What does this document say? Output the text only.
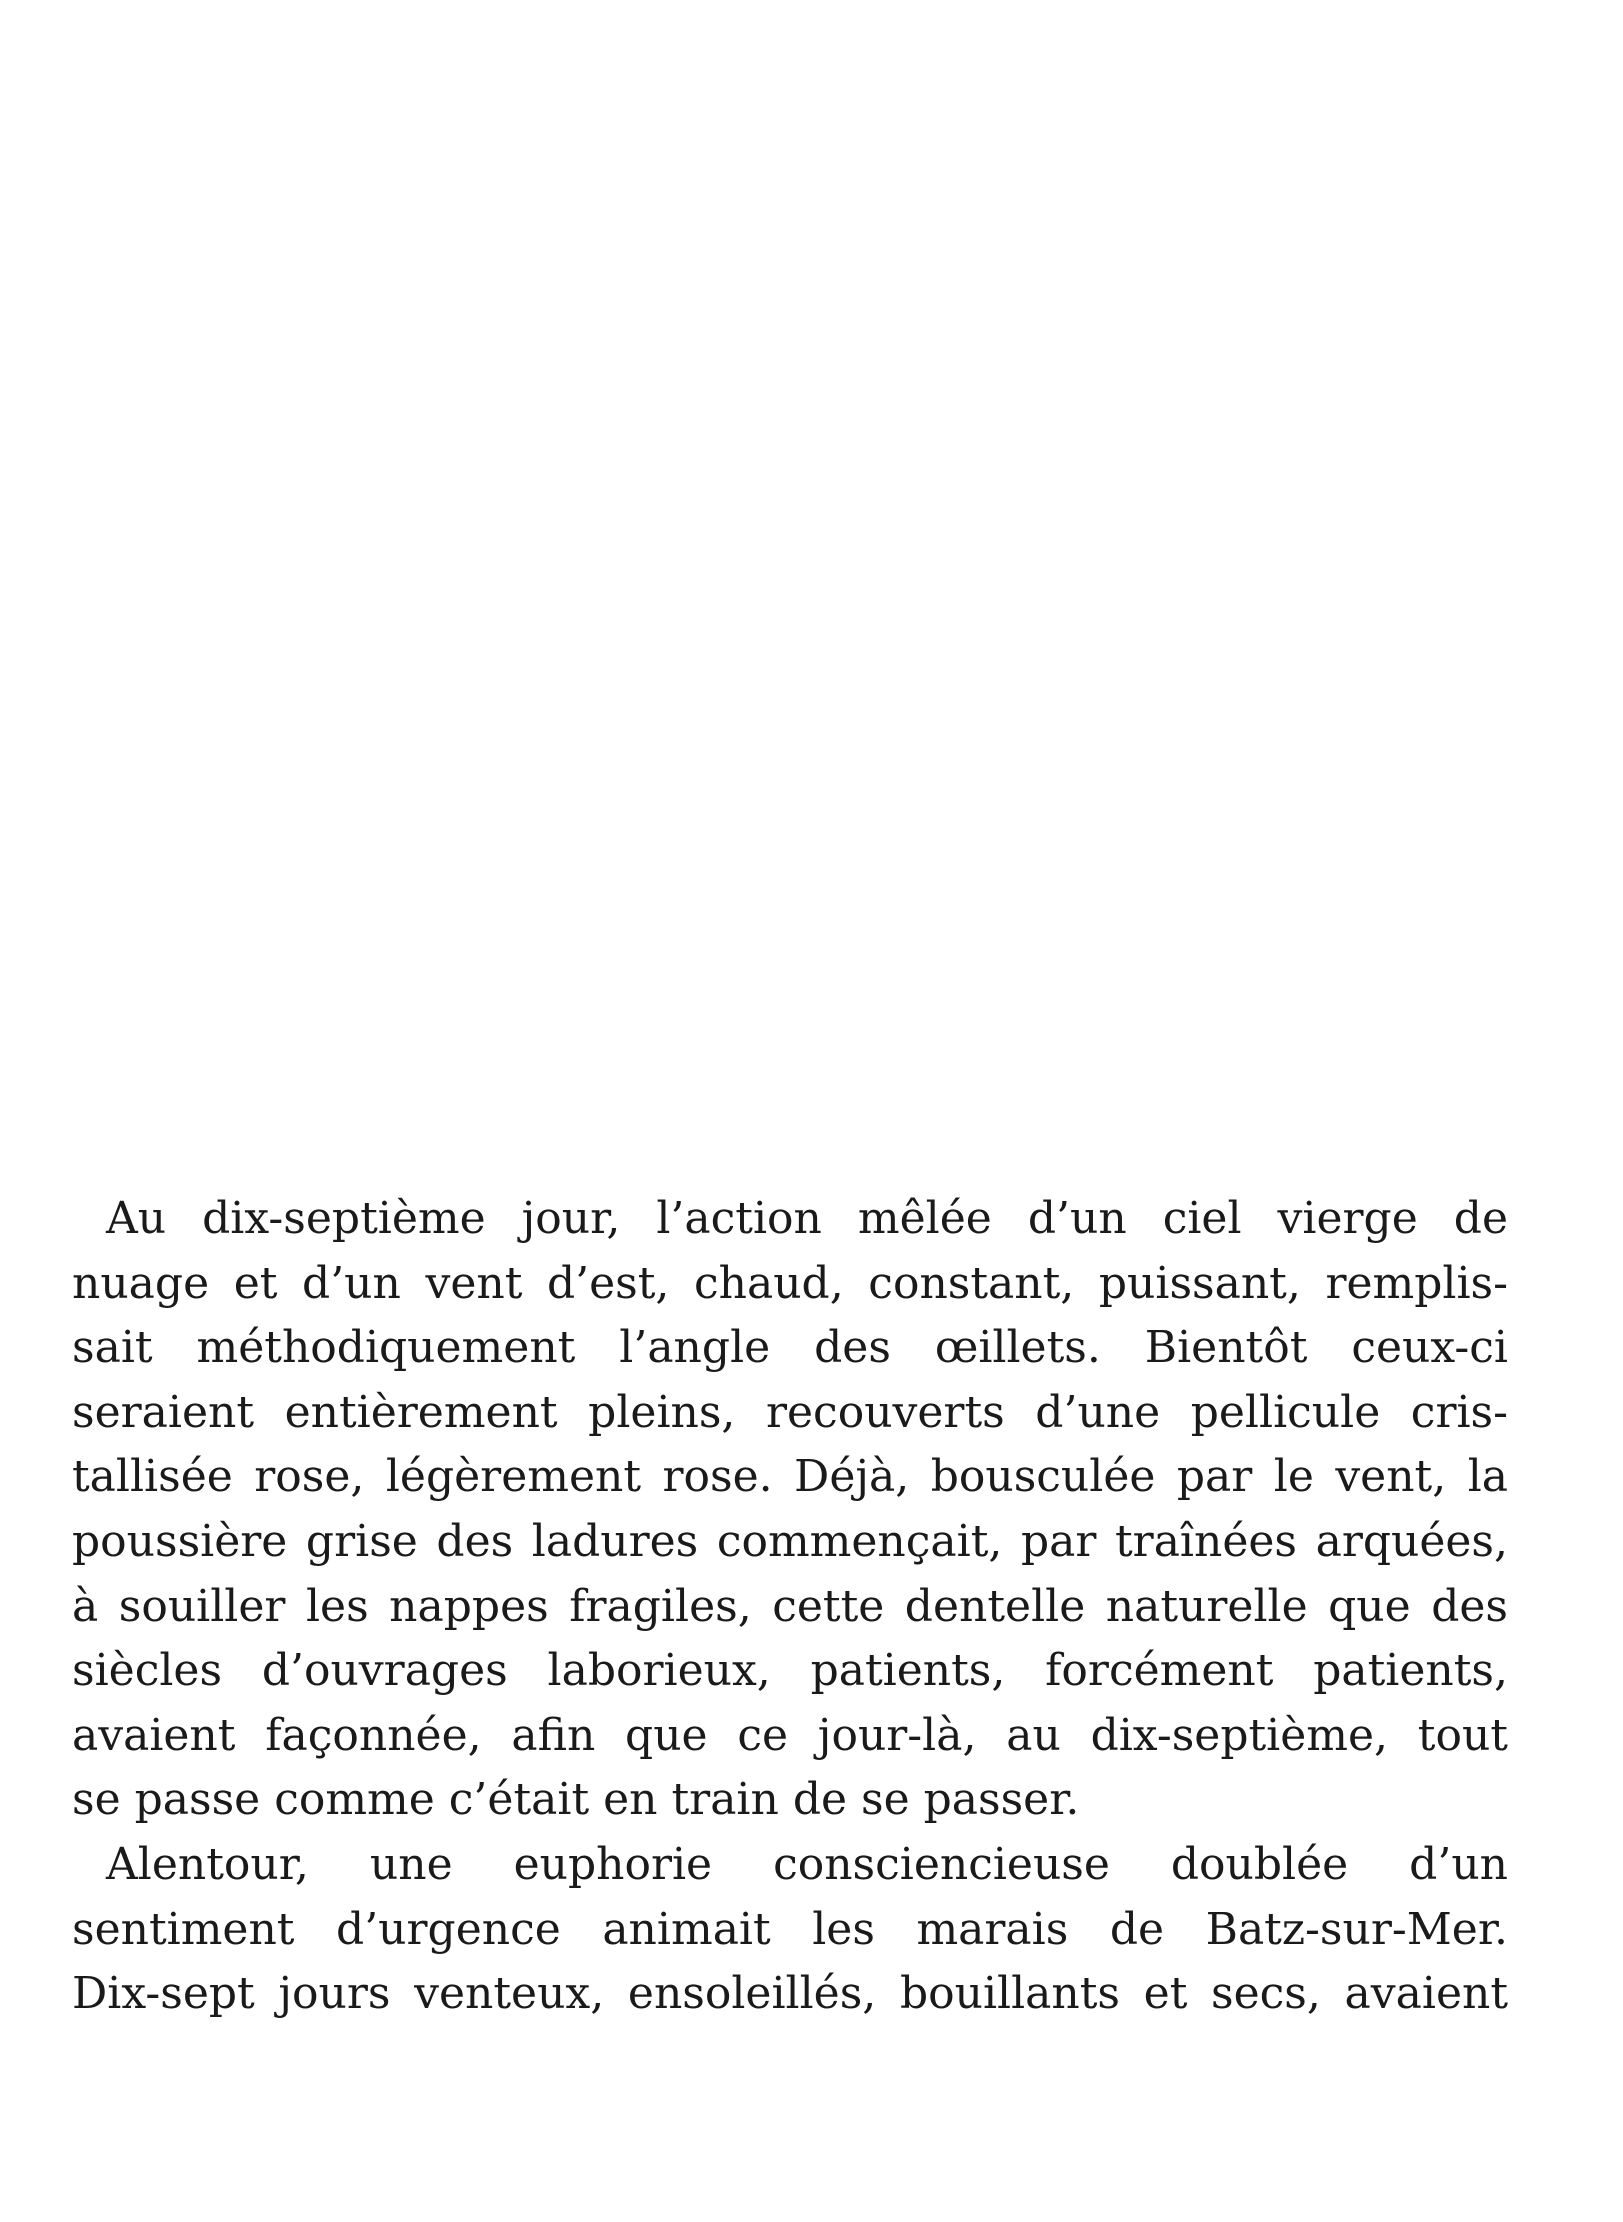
Au dix-septième jour, l’action mêlée d’un ciel vierge de
nuage et d’un vent d’est, chaud, constant, puissant, remplis-
sait méthodiquement l’angle des œillets. Bientôt ceux-ci
seraient entièrement pleins, recouverts d’une pellicule cris-
tallisée rose, légèrement rose. Déjà, bousculée par le vent, la
poussière grise des ladures commençait, par traînées arquées,
à souiller les nappes fragiles, cette dentelle naturelle que des
siècles d’ouvrages laborieux, patients, forcément patients,
avaient façonnée, afin que ce jour-là, au dix-septième, tout
se passe comme c’était en train de se passer.
Alentour, une euphorie consciencieuse doublée d’un
sentiment d’urgence animait les marais de Batz-sur-Mer.
Dix-sept jours venteux, ensoleillés, bouillants et secs, avaient
